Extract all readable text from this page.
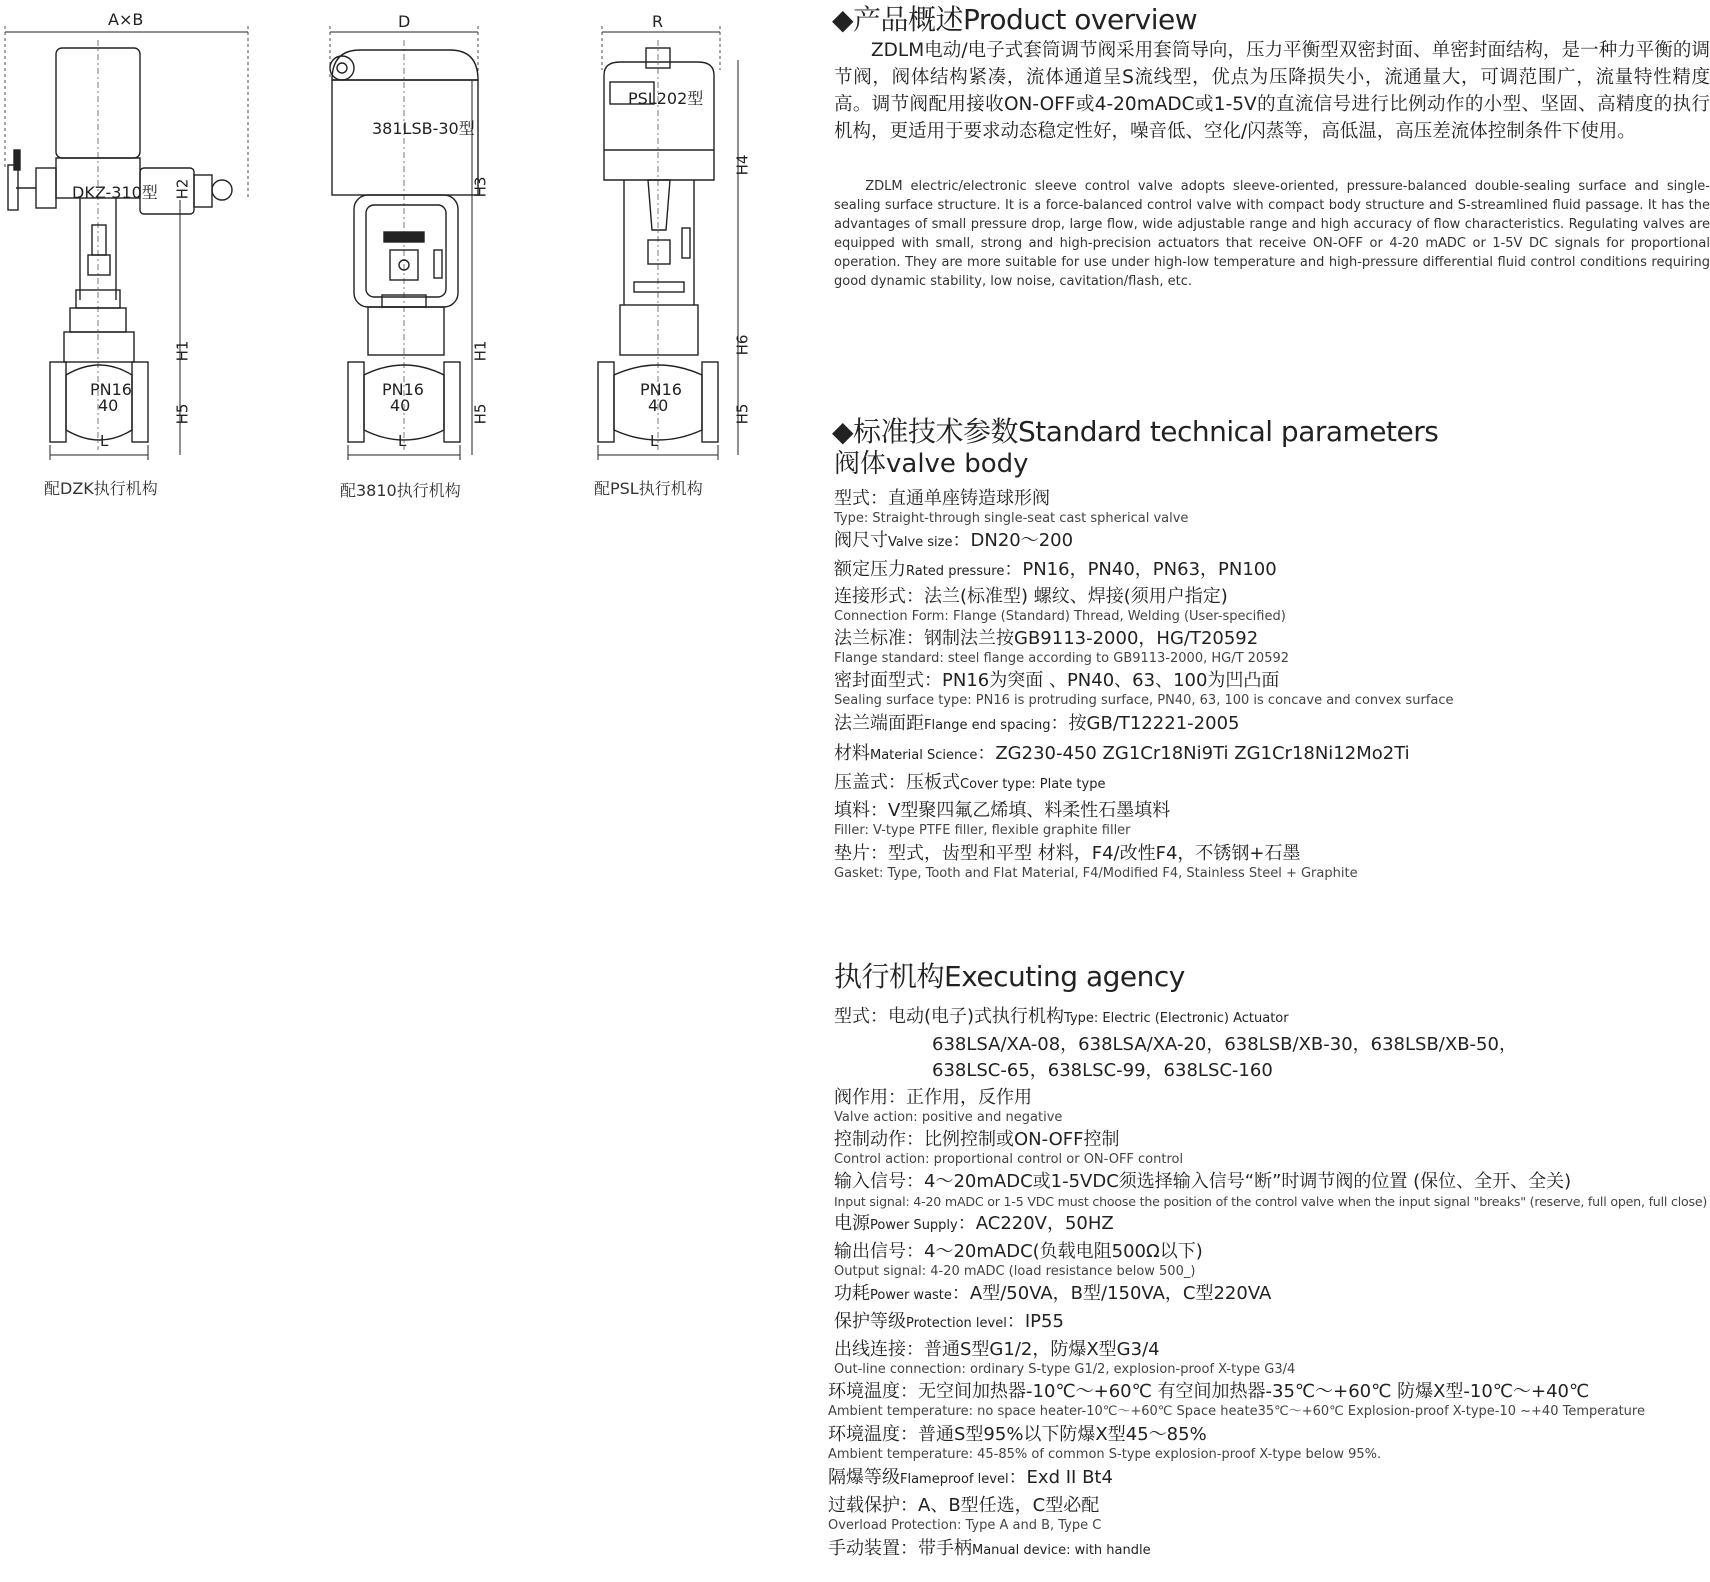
A×B
DKZ-310型 H2
H1
H5
L
PN16
40
配DZK执行机构
D
381LSB-30型
H3
H1
H5
L
PN16
40
配3810执行机构
R
PSL202型
H4
H6
H5
L
PN16
40
配PSL执行机构
◆产品概述Product overview
ZDLM电动/电子式套筒调节阀采用套筒导向，压力平衡型双密封面、单密封面结构，是一种力平衡的调节阀，阀体结构紧凑，流体通道呈S流线型，优点为压降损失小，流通量大，可调范围广，流量特性精度高。调节阀配用接收ON-OFF或4-20mADC或1-5V的直流信号进行比例动作的小型、坚固、高精度的执行机构，更适用于要求动态稳定性好，噪音低、空化/闪蒸等，高低温，高压差流体控制条件下使用。
ZDLM electric/electronic sleeve control valve adopts sleeve-oriented, pressure-balanced double-sealing surface and single-sealing surface structure. It is a force-balanced control valve with compact body structure and S-streamlined fluid passage. It has the advantages of small pressure drop, large flow, wide adjustable range and high accuracy of flow characteristics. Regulating valves are equipped with small, strong and high-precision actuators that receive ON-OFF or 4-20 mADC or 1-5V DC signals for proportional operation. They are more suitable for use under high-low temperature and high-pressure differential fluid control conditions requiring good dynamic stability, low noise, cavitation/flash, etc.
◆标准技术参数Standard technical parameters
阀体valve body
型式：直通单座铸造球形阀
Type: Straight-through single-seat cast spherical valve
阀尺寸Valve size：DN20～200
额定压力Rated pressure：PN16，PN40，PN63，PN100
连接形式：法兰(标准型) 螺纹、焊接(须用户指定)
Connection Form: Flange (Standard) Thread, Welding (User-specified)
法兰标准：钢制法兰按GB9113-2000，HG/T20592
Flange standard: steel flange according to GB9113-2000, HG/T 20592
密封面型式：PN16为突面 、PN40、63、100为凹凸面
Sealing surface type: PN16 is protruding surface, PN40, 63, 100 is concave and convex surface
法兰端面距Flange end spacing：按GB/T12221-2005
材料Material Science：ZG230-450 ZG1Cr18Ni9Ti ZG1Cr18Ni12Mo2Ti
压盖式：压板式Cover type: Plate type
填料：V型聚四氟乙烯填、料柔性石墨填料
Filler: V-type PTFE filler, flexible graphite filler
垫片：型式，齿型和平型 材料，F4/改性F4，不锈钢+石墨
Gasket: Type, Tooth and Flat Material, F4/Modified F4, Stainless Steel + Graphite
执行机构Executing agency
型式：电动(电子)式执行机构Type: Electric (Electronic) Actuator
638LSA/XA-08，638LSA/XA-20，638LSB/XB-30，638LSB/XB-50，
638LSC-65，638LSC-99，638LSC-160
阀作用：正作用，反作用
Valve action: positive and negative
控制动作：比例控制或ON-OFF控制
Control action: proportional control or ON-OFF control
输入信号：4～20mADC或1-5VDC须选择输入信号“断”时调节阀的位置 (保位、全开、全关)
Input signal: 4-20 mADC or 1-5 VDC must choose the position of the control valve when the input signal "breaks" (reserve, full open, full close)
电源Power Supply：AC220V，50HZ
输出信号：4～20mADC(负载电阻500Ω以下)
Output signal: 4-20 mADC (load resistance below 500_)
功耗Power waste：A型/50VA，B型/150VA，C型220VA
保护等级Protection level：IP55
出线连接：普通S型G1/2，防爆X型G3/4
Out-line connection: ordinary S-type G1/2, explosion-proof X-type G3/4
环境温度：无空间加热器-10℃～+60℃ 有空间加热器-35℃～+60℃ 防爆X型-10℃～+40℃
Ambient temperature: no space heater-10℃～+60℃ Space heate35℃～+60℃ Explosion-proof X-type-10 ~+40 Temperature
环境温度：普通S型95%以下防爆X型45～85%
Ambient temperature: 45-85% of common S-type explosion-proof X-type below 95%.
隔爆等级Flameproof level：Exd II Bt4
过载保护：A、B型任选，C型必配
Overload Protection: Type A and B, Type C
手动装置：带手柄Manual device: with handle
